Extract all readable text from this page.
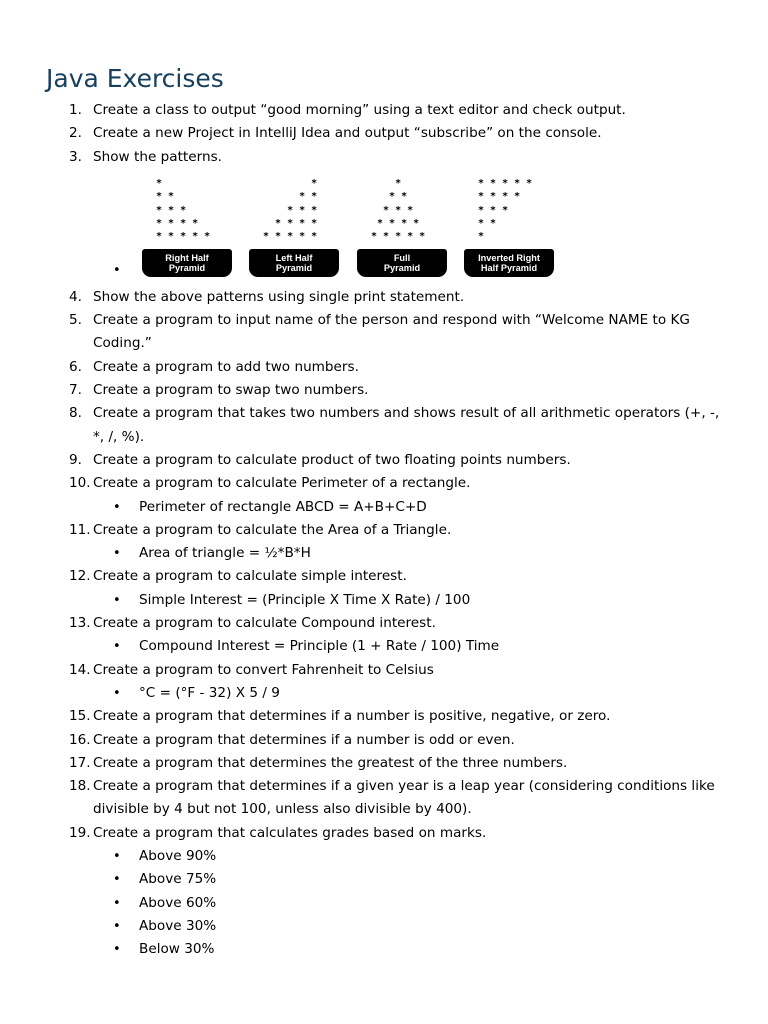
Java Exercises
1. Create a class to output “good morning” using a text editor and check output.
2. Create a new Project in IntelliJ Idea and output “subscribe” on the console.
3. Show the patterns.
•
*
* *
* * *
* * * *
* * * * *
Right Half
Pyramid
*
* *
* * *
* * * *
* * * * *
Left Half
Pyramid
*
* *
* * *
* * * *
* * * * *
Full
Pyramid
* * * * *
* * * *
* * *
* *
*
Inverted Right
Half Pyramid
4. Show the above patterns using single print statement.
5. Create a program to input name of the person and respond with “Welcome NAME to KG Coding.”
6. Create a program to add two numbers.
7. Create a program to swap two numbers.
8. Create a program that takes two numbers and shows result of all arithmetic operators (+, -, *, /, %).
9. Create a program to calculate product of two floating points numbers.
10. Create a program to calculate Perimeter of a rectangle.
• Perimeter of rectangle ABCD = A+B+C+D
11. Create a program to calculate the Area of a Triangle.
• Area of triangle = ½*B*H
12. Create a program to calculate simple interest.
• Simple Interest = (Principle X Time X Rate) / 100
13. Create a program to calculate Compound interest.
• Compound Interest = Principle (1 + Rate / 100) Time
14. Create a program to convert Fahrenheit to Celsius
• °C = (°F - 32) X 5 / 9
15. Create a program that determines if a number is positive, negative, or zero.
16. Create a program that determines if a number is odd or even.
17. Create a program that determines the greatest of the three numbers.
18. Create a program that determines if a given year is a leap year (considering conditions like divisible by 4 but not 100, unless also divisible by 400).
19. Create a program that calculates grades based on marks.
• Above 90%
• Above 75%
• Above 60%
• Above 30%
• Below 30%
